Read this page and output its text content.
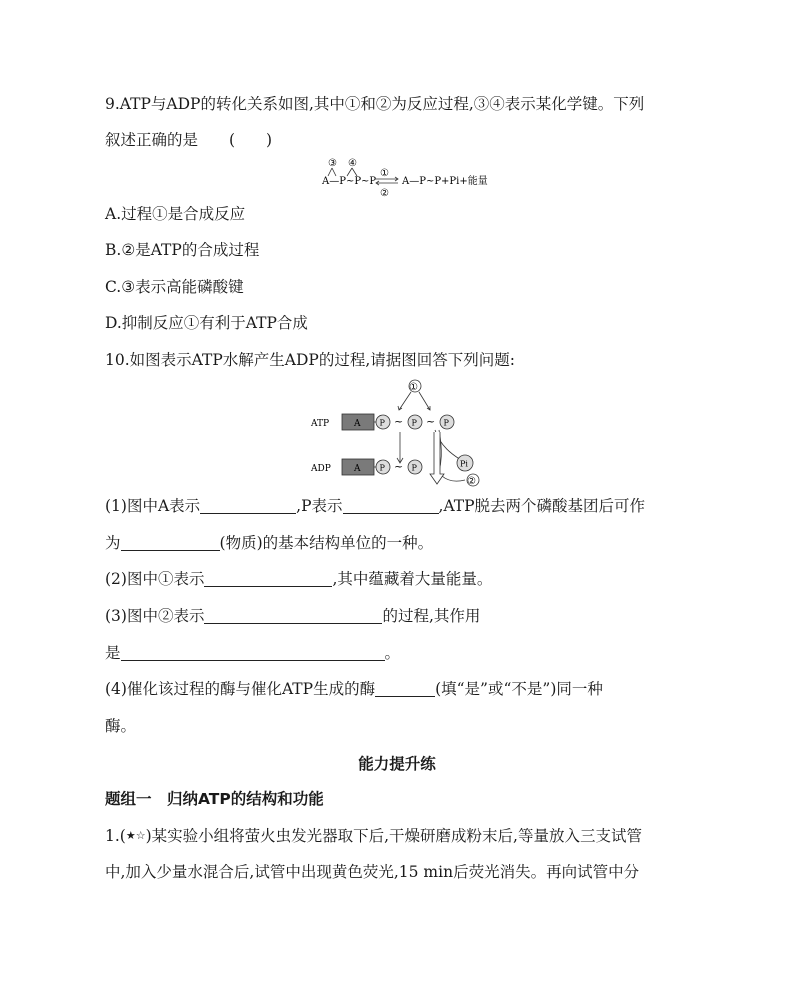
9.ATP与ADP的转化关系如图,其中①和②为反应过程,③④表示某化学键。下列
叙述正确的是　　(　　)
③ ④
A—P~P~P
①
②
A—P~P+Pi+能量
A.过程①是合成反应
B.②是ATP的合成过程
C.③表示高能磷酸键
D.抑制反应①有利于ATP合成
10.如图表示ATP水解产生ADP的过程,请据图回答下列问题:
ATP	A P ~ P ~ P
①
ADP	A P ~ P	Pi
②
(1)图中A表示	,P表示	,ATP脱去两个磷酸基团后可作
为	(物质)的基本结构单位的一种。
(2)图中①表示	,其中蕴藏着大量能量。
(3)图中②表示	的过程,其作用
是	。
(4)催化该过程的酶与催化ATP生成的酶	(填“是”或“不是”)同一种
酶。
能力提升练
题组一　归纳ATP的结构和功能
1.(★☆)某实验小组将萤火虫发光器取下后,干燥研磨成粉末后,等量放入三支试管
中,加入少量水混合后,试管中出现黄色荧光,15 min后荧光消失。再向试管中分
